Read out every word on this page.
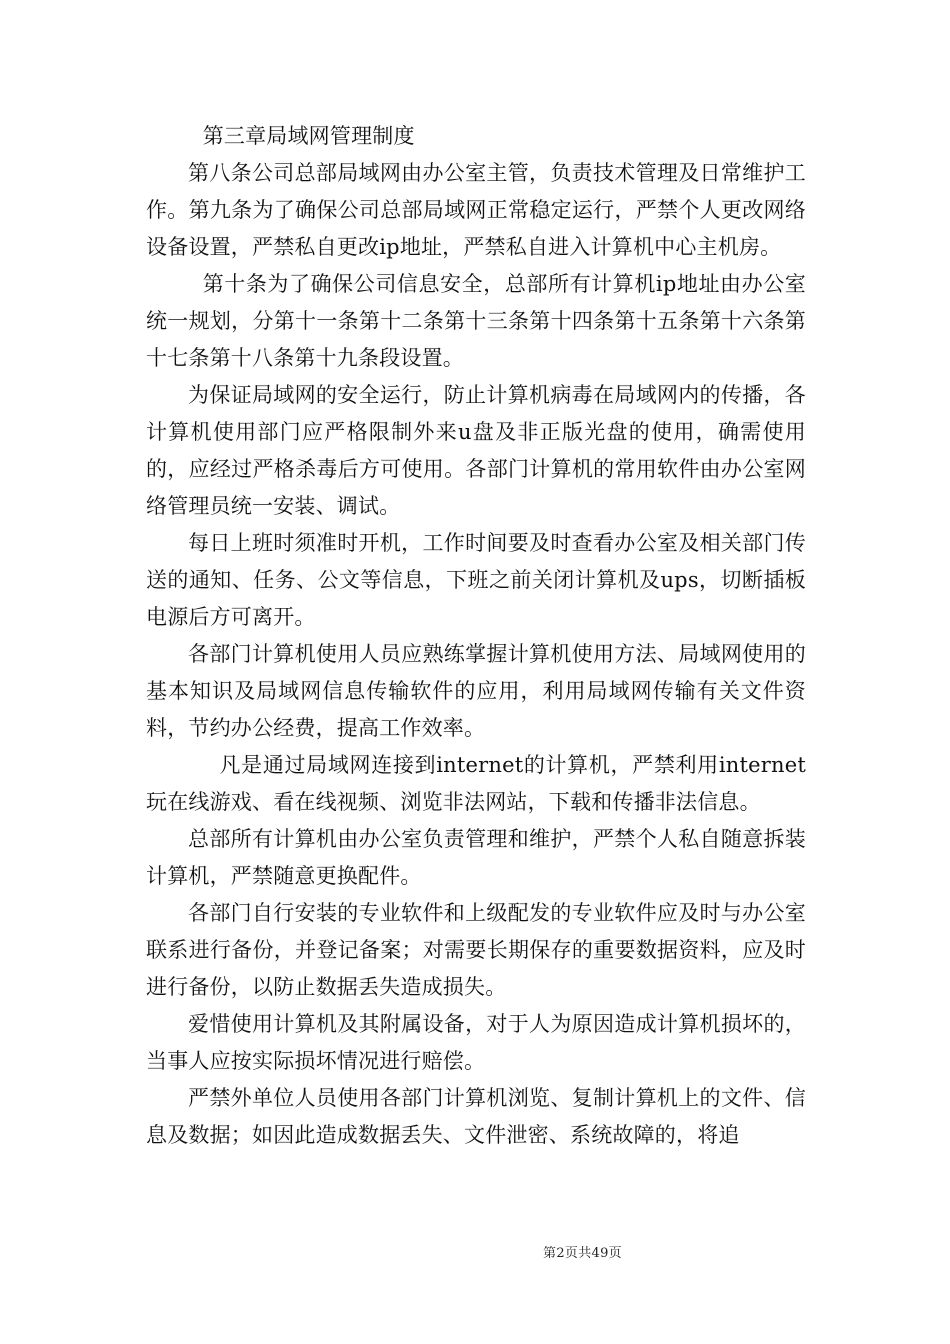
第三章局域网管理制度

第八条公司总部局域网由办公室主管，负责技术管理及日常维护工作。第九条为了确保公司总部局域网正常稳定运行，严禁个人更改网络设备设置，严禁私自更改ip地址，严禁私自进入计算机中心主机房。

第十条为了确保公司信息安全，总部所有计算机ip地址由办公室统一规划，分第十一条第十二条第十三条第十四条第十五条第十六条第十七条第十八条第十九条段设置。

为保证局域网的安全运行，防止计算机病毒在局域网内的传播，各计算机使用部门应严格限制外来u盘及非正版光盘的使用，确需使用的，应经过严格杀毒后方可使用。各部门计算机的常用软件由办公室网络管理员统一安装、调试。

每日上班时须准时开机，工作时间要及时查看办公室及相关部门传送的通知、任务、公文等信息，下班之前关闭计算机及ups，切断插板电源后方可离开。

各部门计算机使用人员应熟练掌握计算机使用方法、局域网使用的基本知识及局域网信息传输软件的应用，利用局域网传输有关文件资料，节约办公经费，提高工作效率。

凡是通过局域网连接到internet的计算机，严禁利用internet玩在线游戏、看在线视频、浏览非法网站，下载和传播非法信息。

总部所有计算机由办公室负责管理和维护，严禁个人私自随意拆装计算机，严禁随意更换配件。

各部门自行安装的专业软件和上级配发的专业软件应及时与办公室联系进行备份，并登记备案；对需要长期保存的重要数据资料，应及时进行备份，以防止数据丢失造成损失。

爱惜使用计算机及其附属设备，对于人为原因造成计算机损坏的，当事人应按实际损坏情况进行赔偿。

严禁外单位人员使用各部门计算机浏览、复制计算机上的文件、信息及数据；如因此造成数据丢失、文件泄密、系统故障的，将追

第2页共49页
